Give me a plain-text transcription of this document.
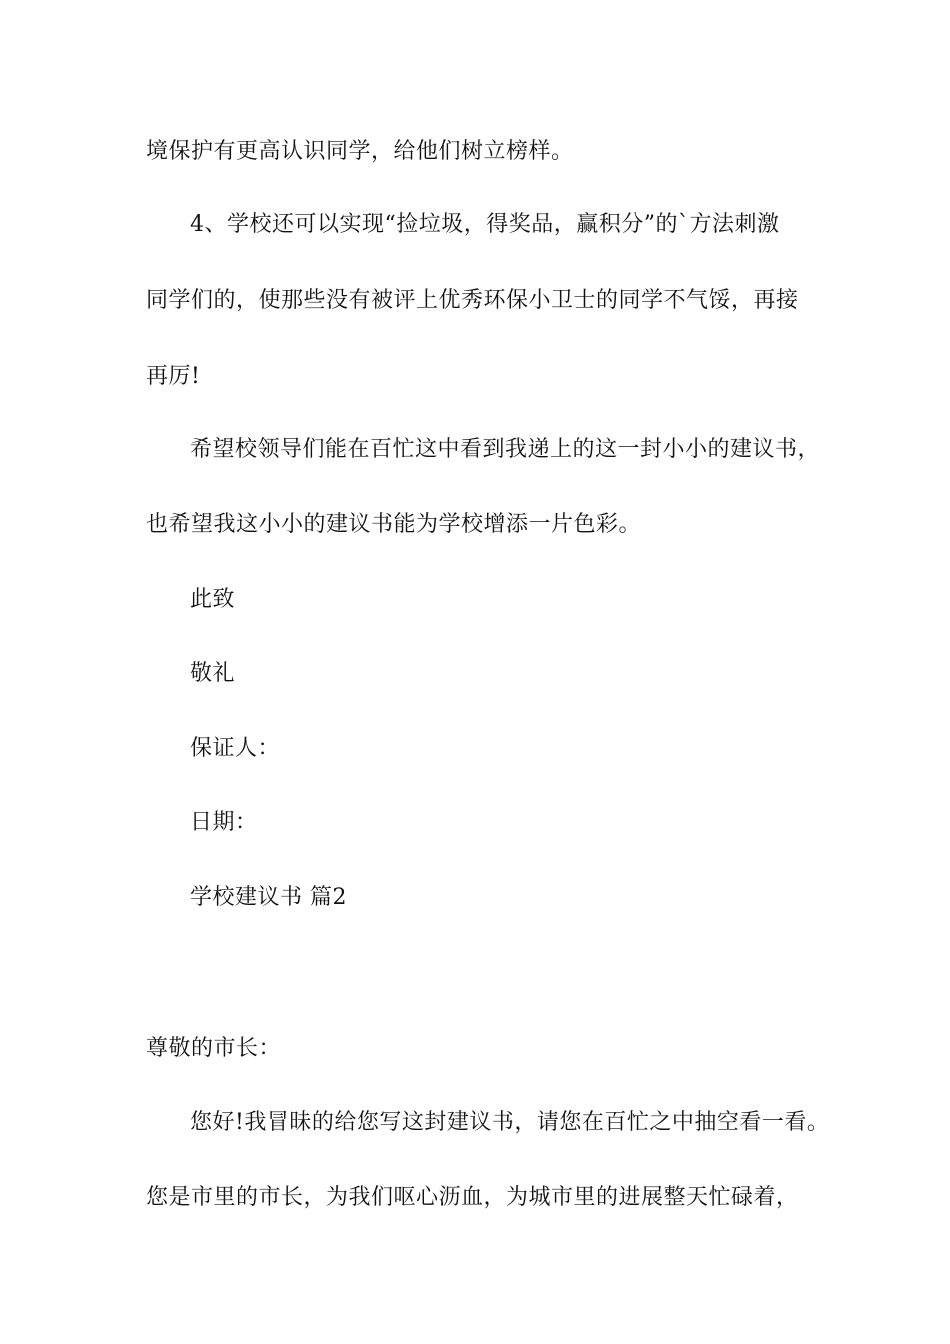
境保护有更高认识同学，给他们树立榜样。
4、学校还可以实现“捡垃圾，得奖品，赢积分”的`方法刺激
同学们的，使那些没有被评上优秀环保小卫士的同学不气馁，再接
再厉!
希望校领导们能在百忙这中看到我递上的这一封小小的建议书，
也希望我这小小的建议书能为学校增添一片色彩。
此致
敬礼
保证人：
日期：
学校建议书 篇2
尊敬的市长：
您好!我冒昧的给您写这封建议书，请您在百忙之中抽空看一看。
您是市里的市长，为我们呕心沥血，为城市里的进展整天忙碌着，
